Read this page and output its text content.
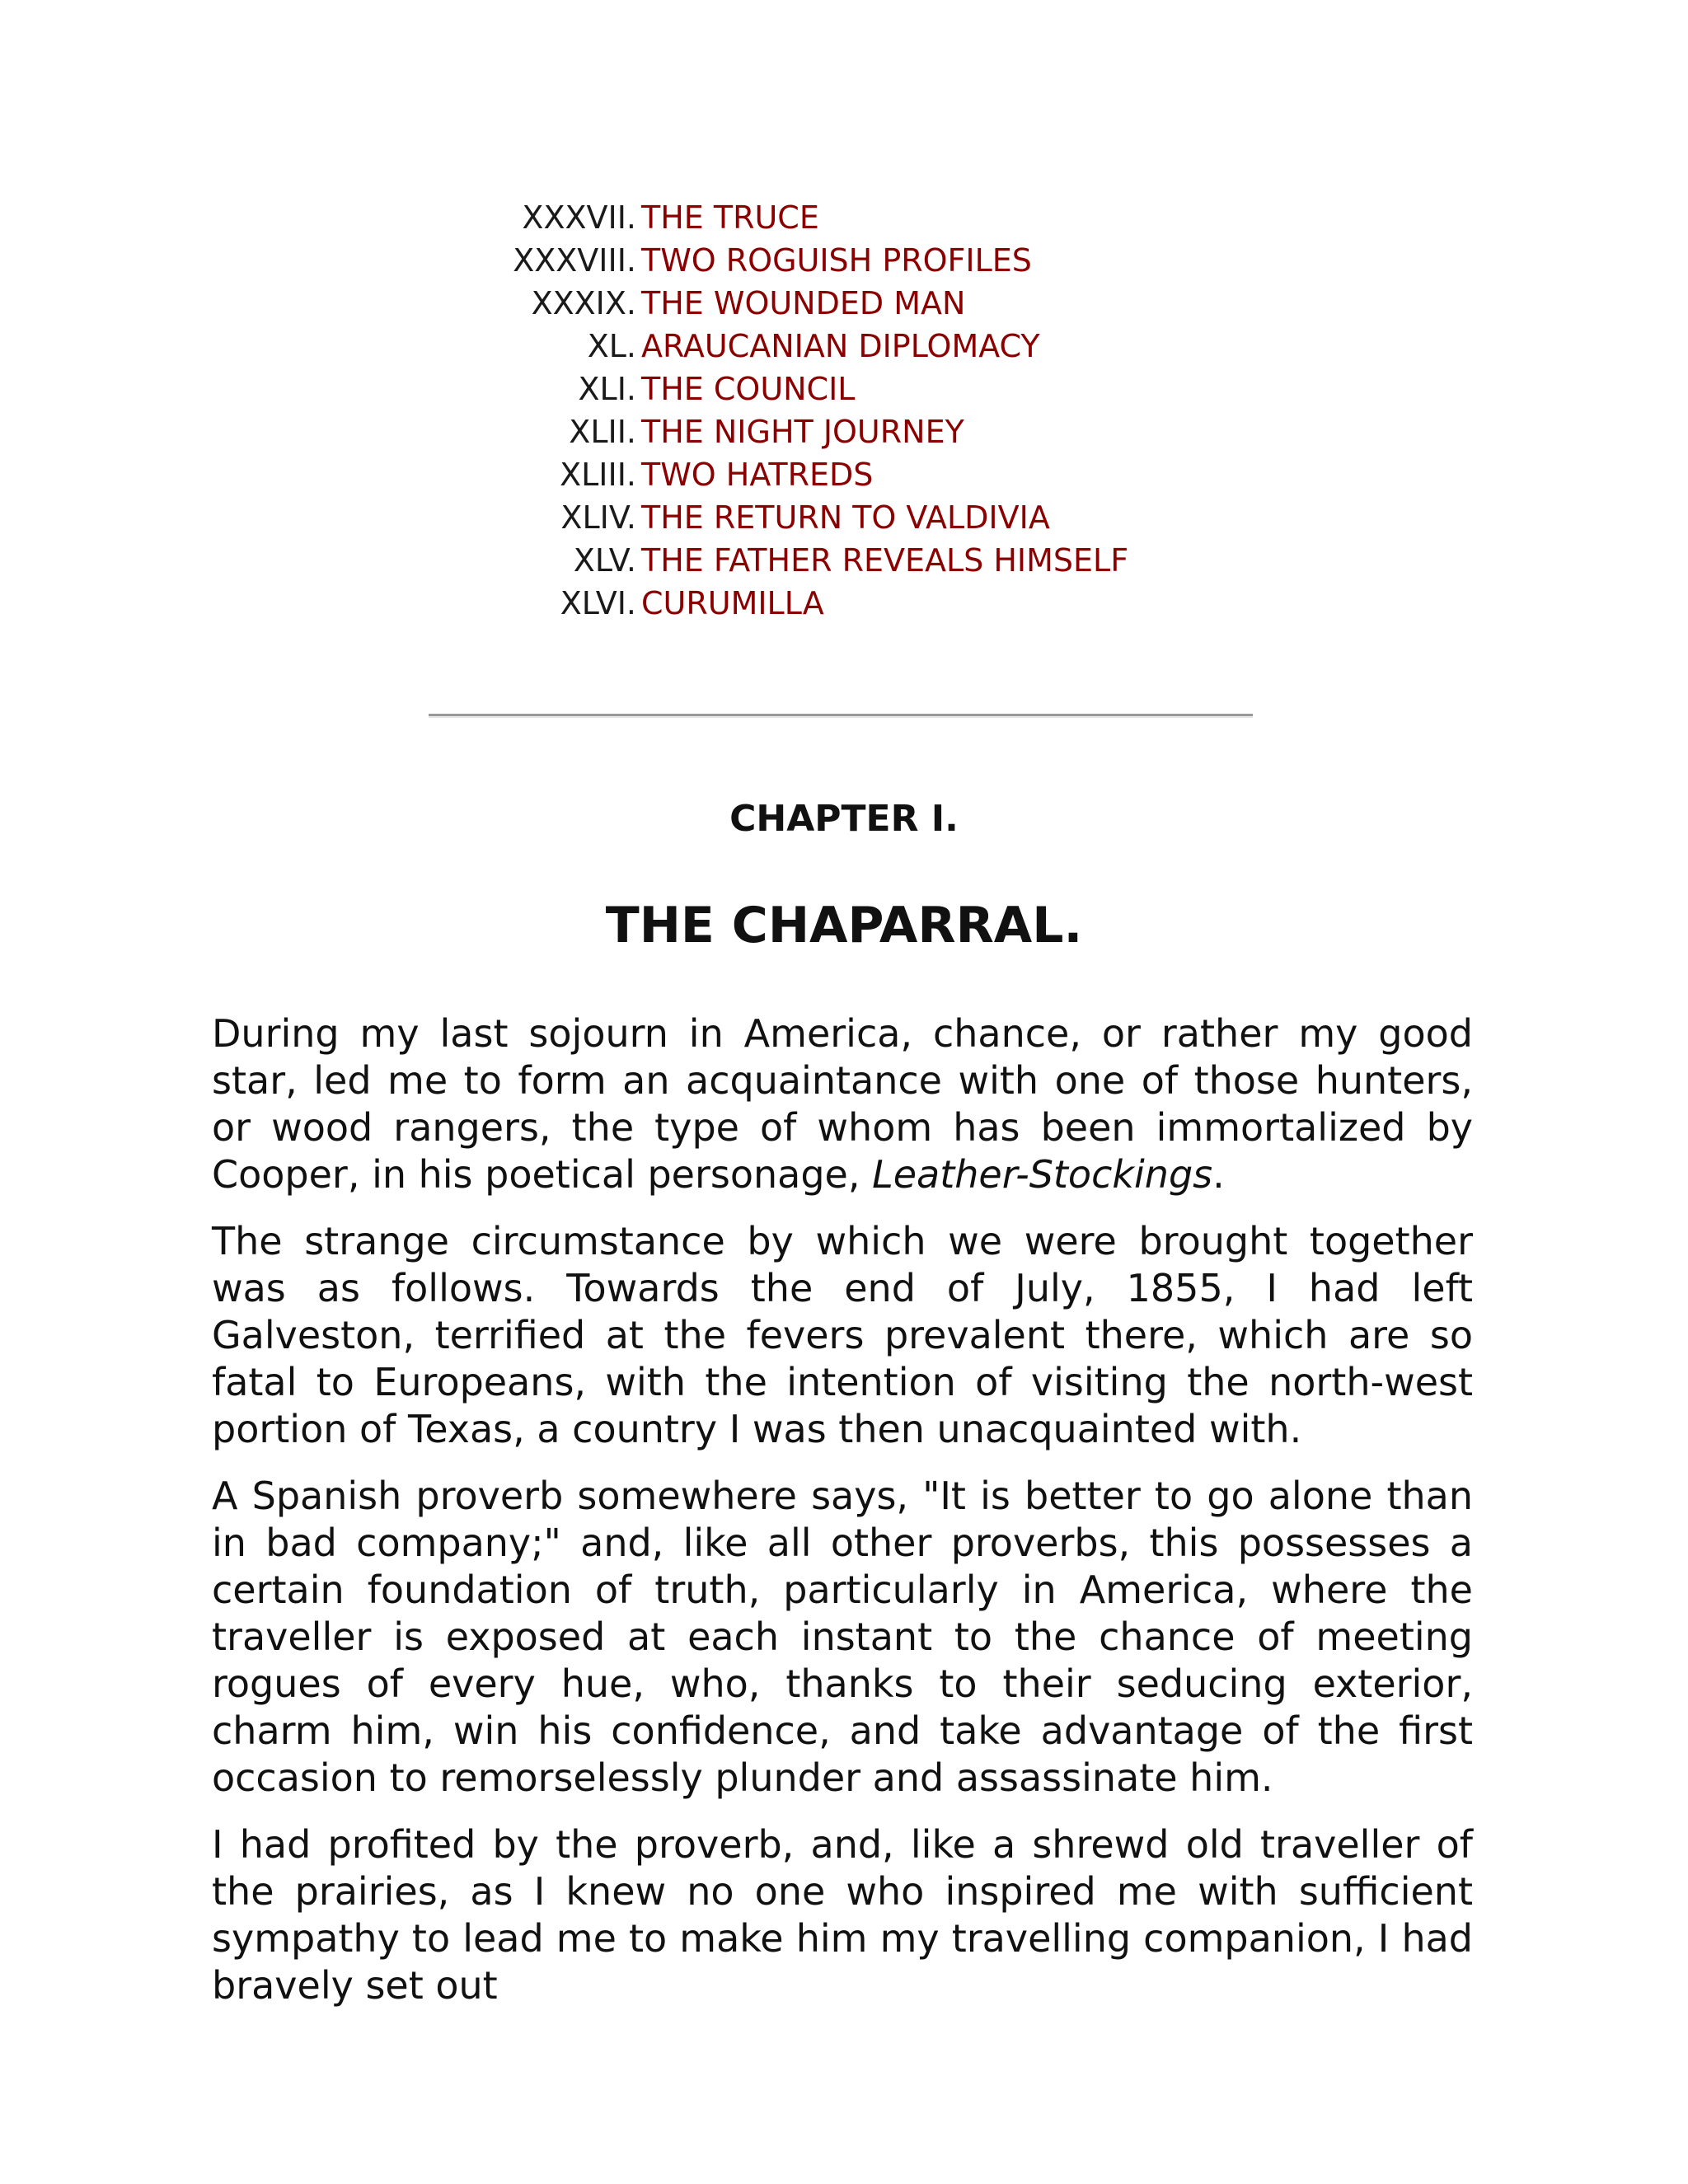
XXXVII. THE TRUCE
XXXVIII. TWO ROGUISH PROFILES
XXXIX. THE WOUNDED MAN
XL. ARAUCANIAN DIPLOMACY
XLI. THE COUNCIL
XLII. THE NIGHT JOURNEY
XLIII. TWO HATREDS
XLIV. THE RETURN TO VALDIVIA
XLV. THE FATHER REVEALS HIMSELF
XLVI. CURUMILLA
CHAPTER I.
THE CHAPARRAL.

During my last sojourn in America, chance, or rather my good star, led me to form an acquaintance with one of those hunters, or wood rangers, the type of whom has been immortalized by Cooper, in his poetical personage, Leather-Stockings.

The strange circumstance by which we were brought together was as follows. Towards the end of July, 1855, I had left Galveston, terrified at the fevers prevalent there, which are so fatal to Europeans, with the intention of visiting the north-west portion of Texas, a country I was then unacquainted with.

A Spanish proverb somewhere says, "It is better to go alone than in bad company;" and, like all other proverbs, this possesses a certain foundation of truth, particularly in America, where the traveller is exposed at each instant to the chance of meeting rogues of every hue, who, thanks to their seducing exterior, charm him, win his confidence, and take advantage of the first occasion to remorselessly plunder and assassinate him.

I had profited by the proverb, and, like a shrewd old traveller of the prairies, as I knew no one who inspired me with sufficient sympathy to lead me to make him my travelling companion, I had bravely set out
